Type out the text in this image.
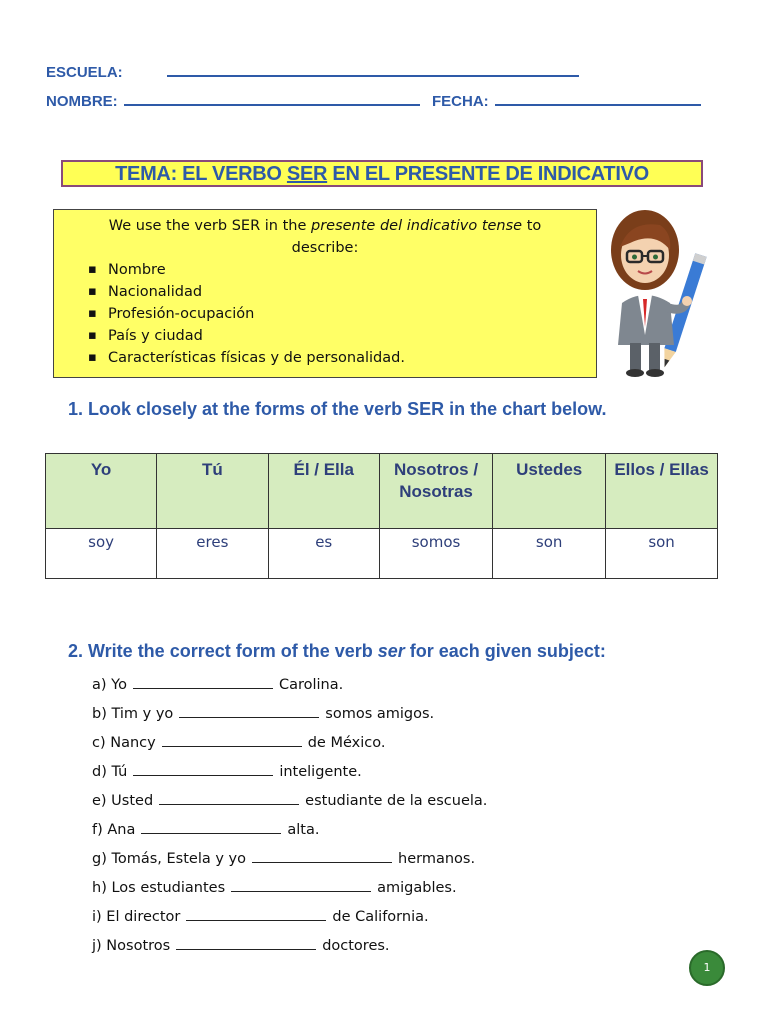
ESCUELA:
NOMBRE:	FECHA:
TEMA: EL VERBO SER EN EL PRESENTE DE INDICATIVO
We use the verb SER in the presente del indicativo tense to describe:
▪ Nombre
▪ Nacionalidad
▪ Profesión-ocupación
▪ País y ciudad
▪ Características físicas y de personalidad.
1. Look closely at the forms of the verb SER in the chart below.
Yo	Tú	Él / Ella	Nosotros / Nosotras	Ustedes	Ellos / Ellas
soy	eres	es	somos	son	son
2. Write the correct form of the verb ser for each given subject:
a) Yo	Carolina.
b) Tim y yo	somos amigos.
c) Nancy	de México.
d) Tú	inteligente.
e) Usted	estudiante de la escuela.
f) Ana	alta.
g) Tomás, Estela y yo	hermanos.
h) Los estudiantes	amigables.
i) El director	de California.
j) Nosotros	doctores.
1
